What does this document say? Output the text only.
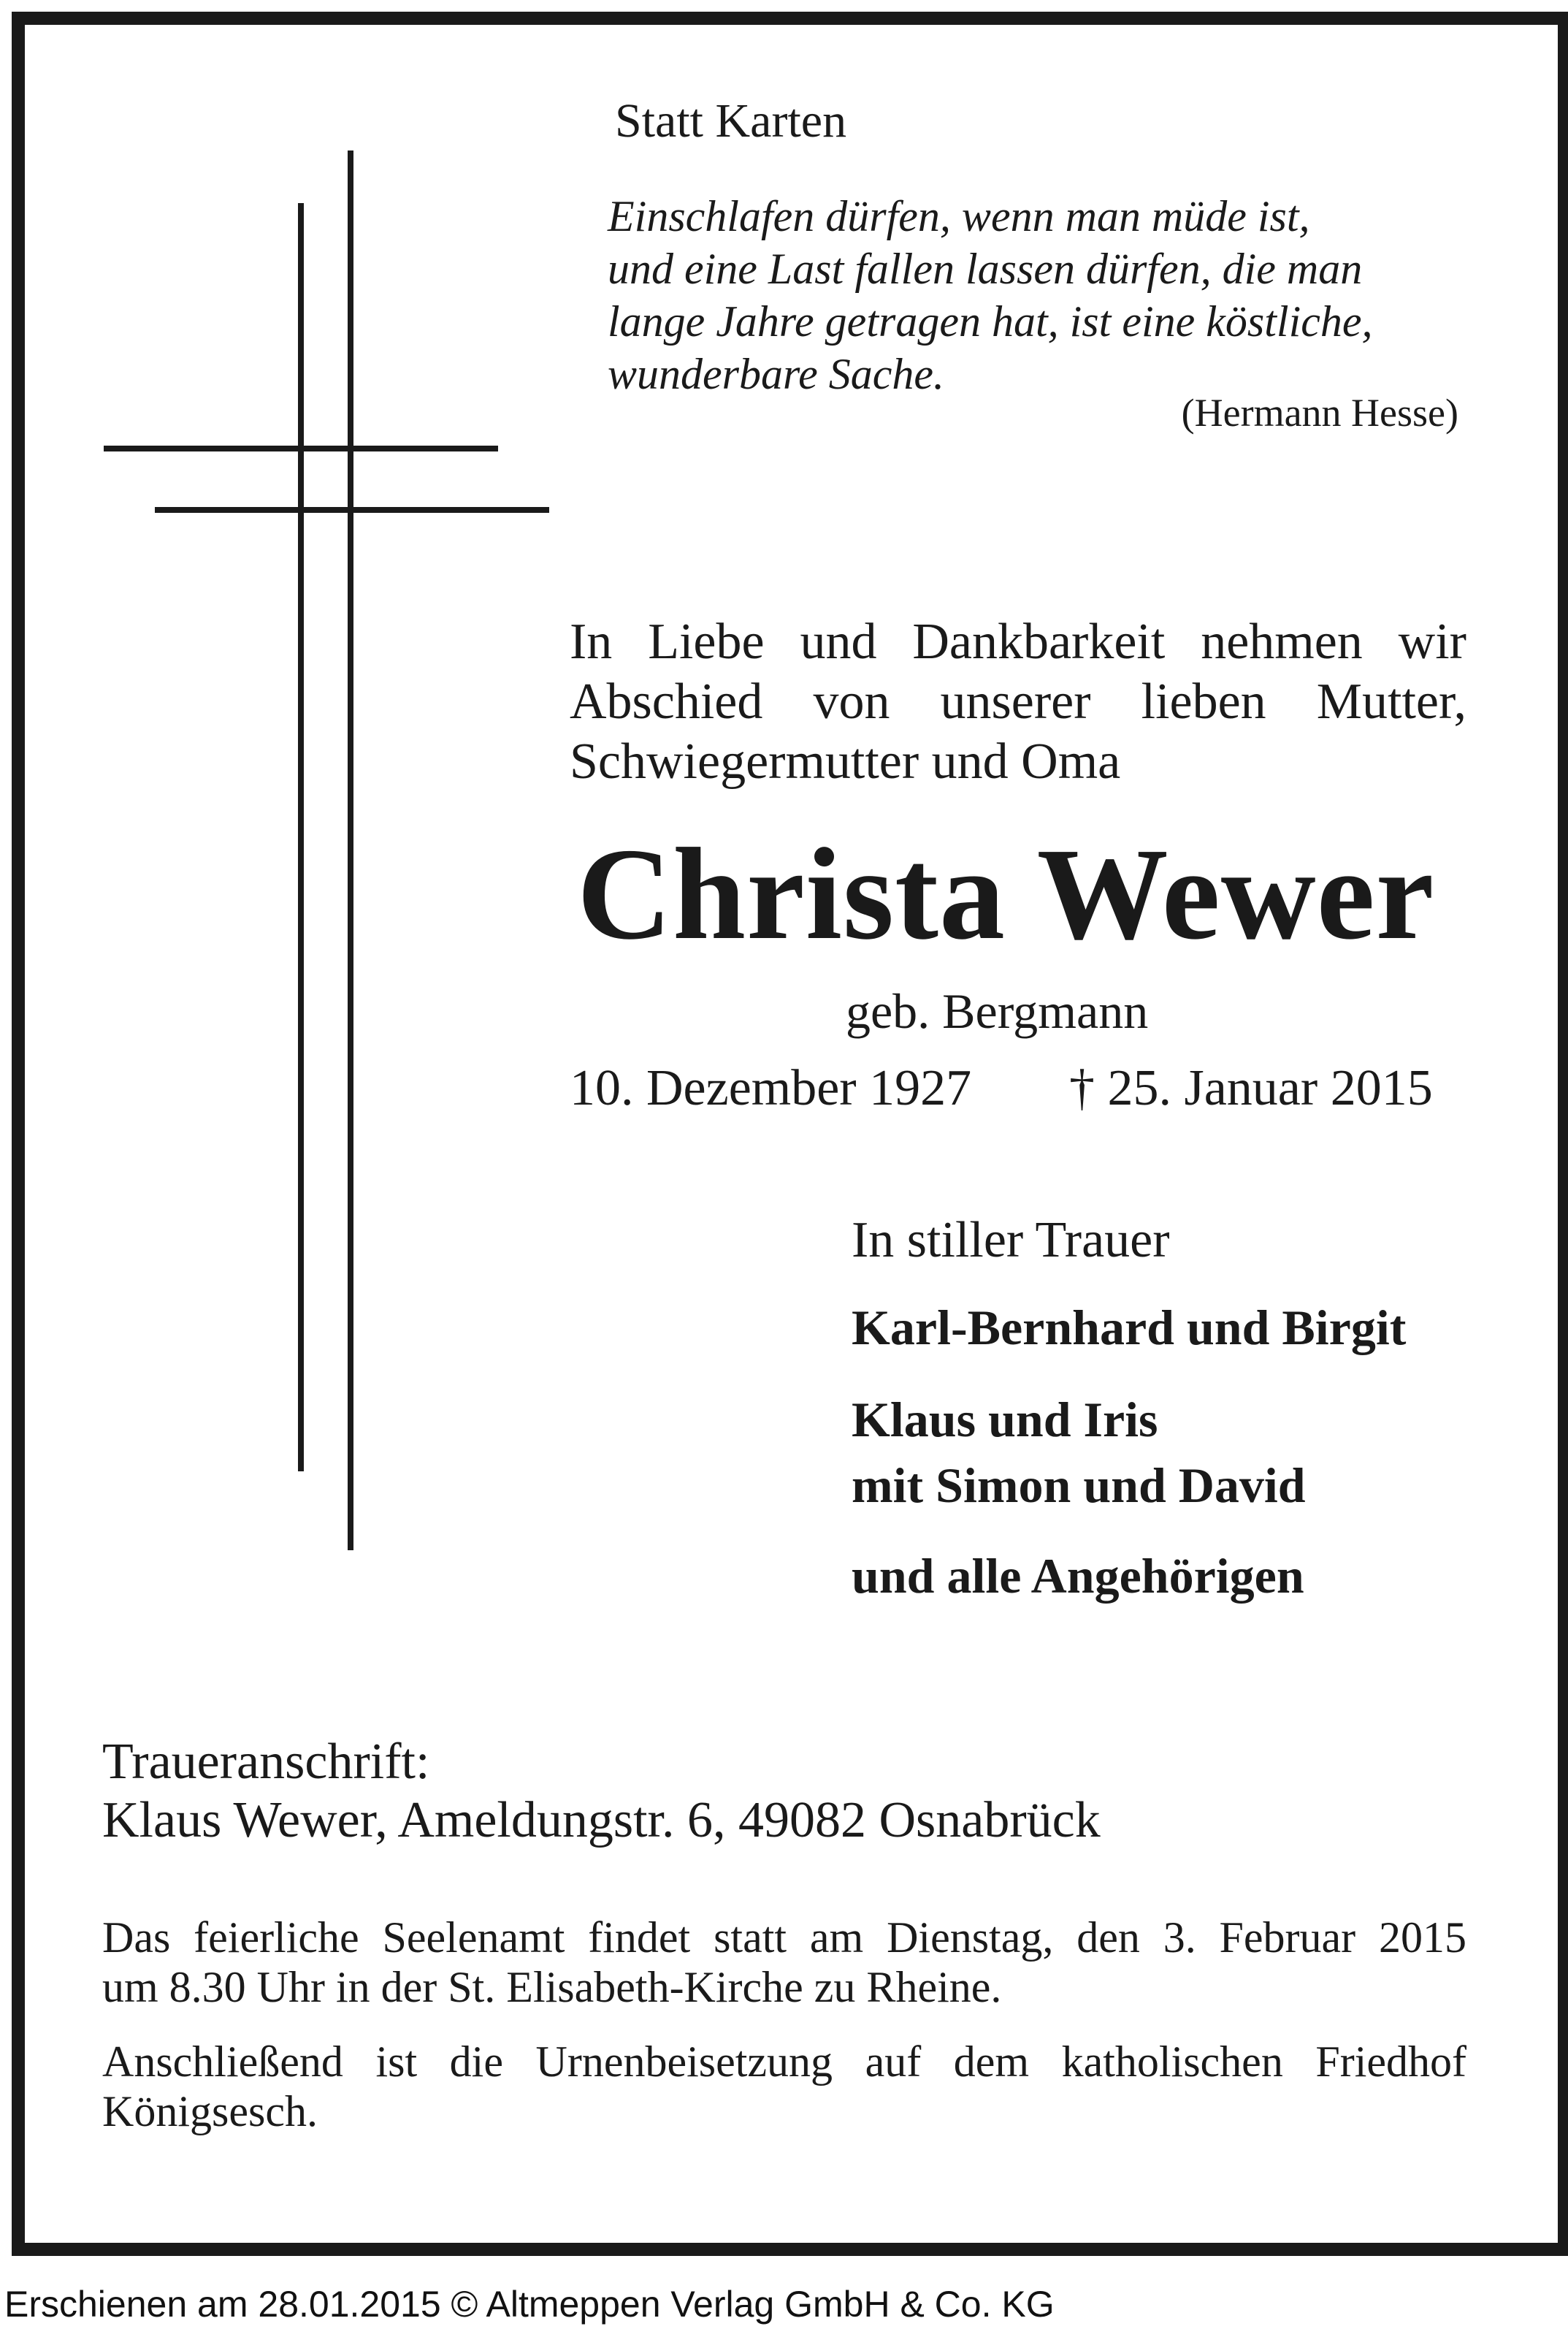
Statt Karten
Einschlafen dürfen, wenn man müde ist,
und eine Last fallen lassen dürfen, die man
lange Jahre getragen hat, ist eine köstliche,
wunderbare Sache.
(Hermann Hesse)
In Liebe und Dankbarkeit nehmen wir
Abschied von unserer lieben Mutter,
Schwiegermutter und Oma
Christa Wewer
geb. Bergmann
10. Dezember 1927 † 25. Januar 2015
In stiller Trauer
Karl-Bernhard und Birgit
Klaus und Iris
mit Simon und David
und alle Angehörigen
Traueranschrift:
Klaus Wewer, Ameldungstr. 6, 49082 Osnabrück
Das feierliche Seelenamt findet statt am Dienstag, den 3. Februar 2015
um 8.30 Uhr in der St. Elisabeth-Kirche zu Rheine.
Anschließend ist die Urnenbeisetzung auf dem katholischen Friedhof
Königsesch.
Erschienen am 28.01.2015 © Altmeppen Verlag GmbH & Co. KG
